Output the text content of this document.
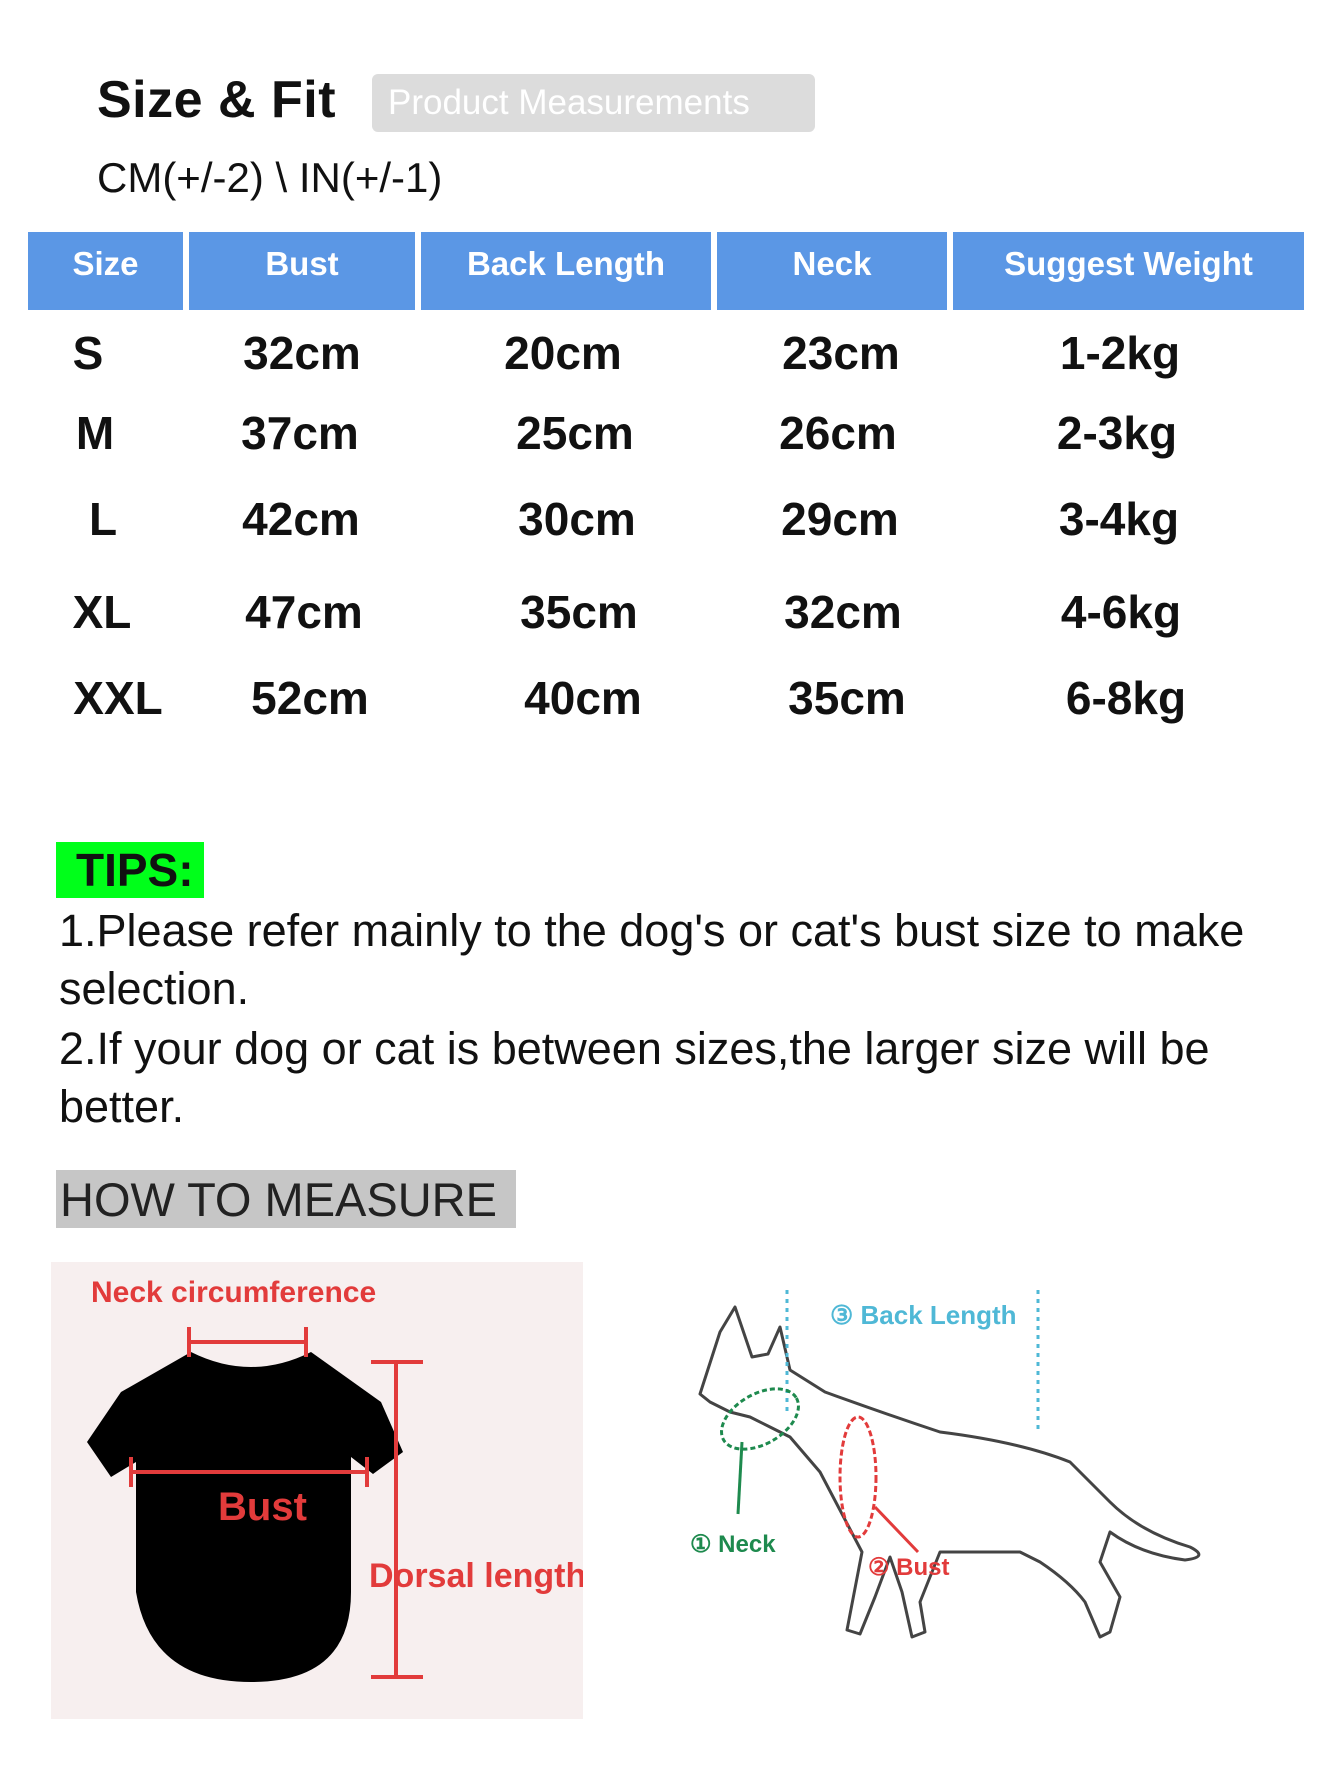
Size & Fit	Product Measurements
CM(+/-2) \ IN(+/-1)
Size	Bust	Back Length	Neck	Suggest Weight
S	32cm	20cm	23cm	1-2kg
M	37cm	25cm	26cm	2-3kg
L	42cm	30cm	29cm	3-4kg
XL	47cm	35cm	32cm	4-6kg
XXL	52cm	40cm	35cm	6-8kg
TIPS:
1.Please refer mainly to the dog's or cat's bust size to make selection.
2.If your dog or cat is between sizes,the larger size will be better.
HOW TO MEASURE
Neck circumference
Bust
Dorsal length
③ Back Length
① Neck
② Bust
